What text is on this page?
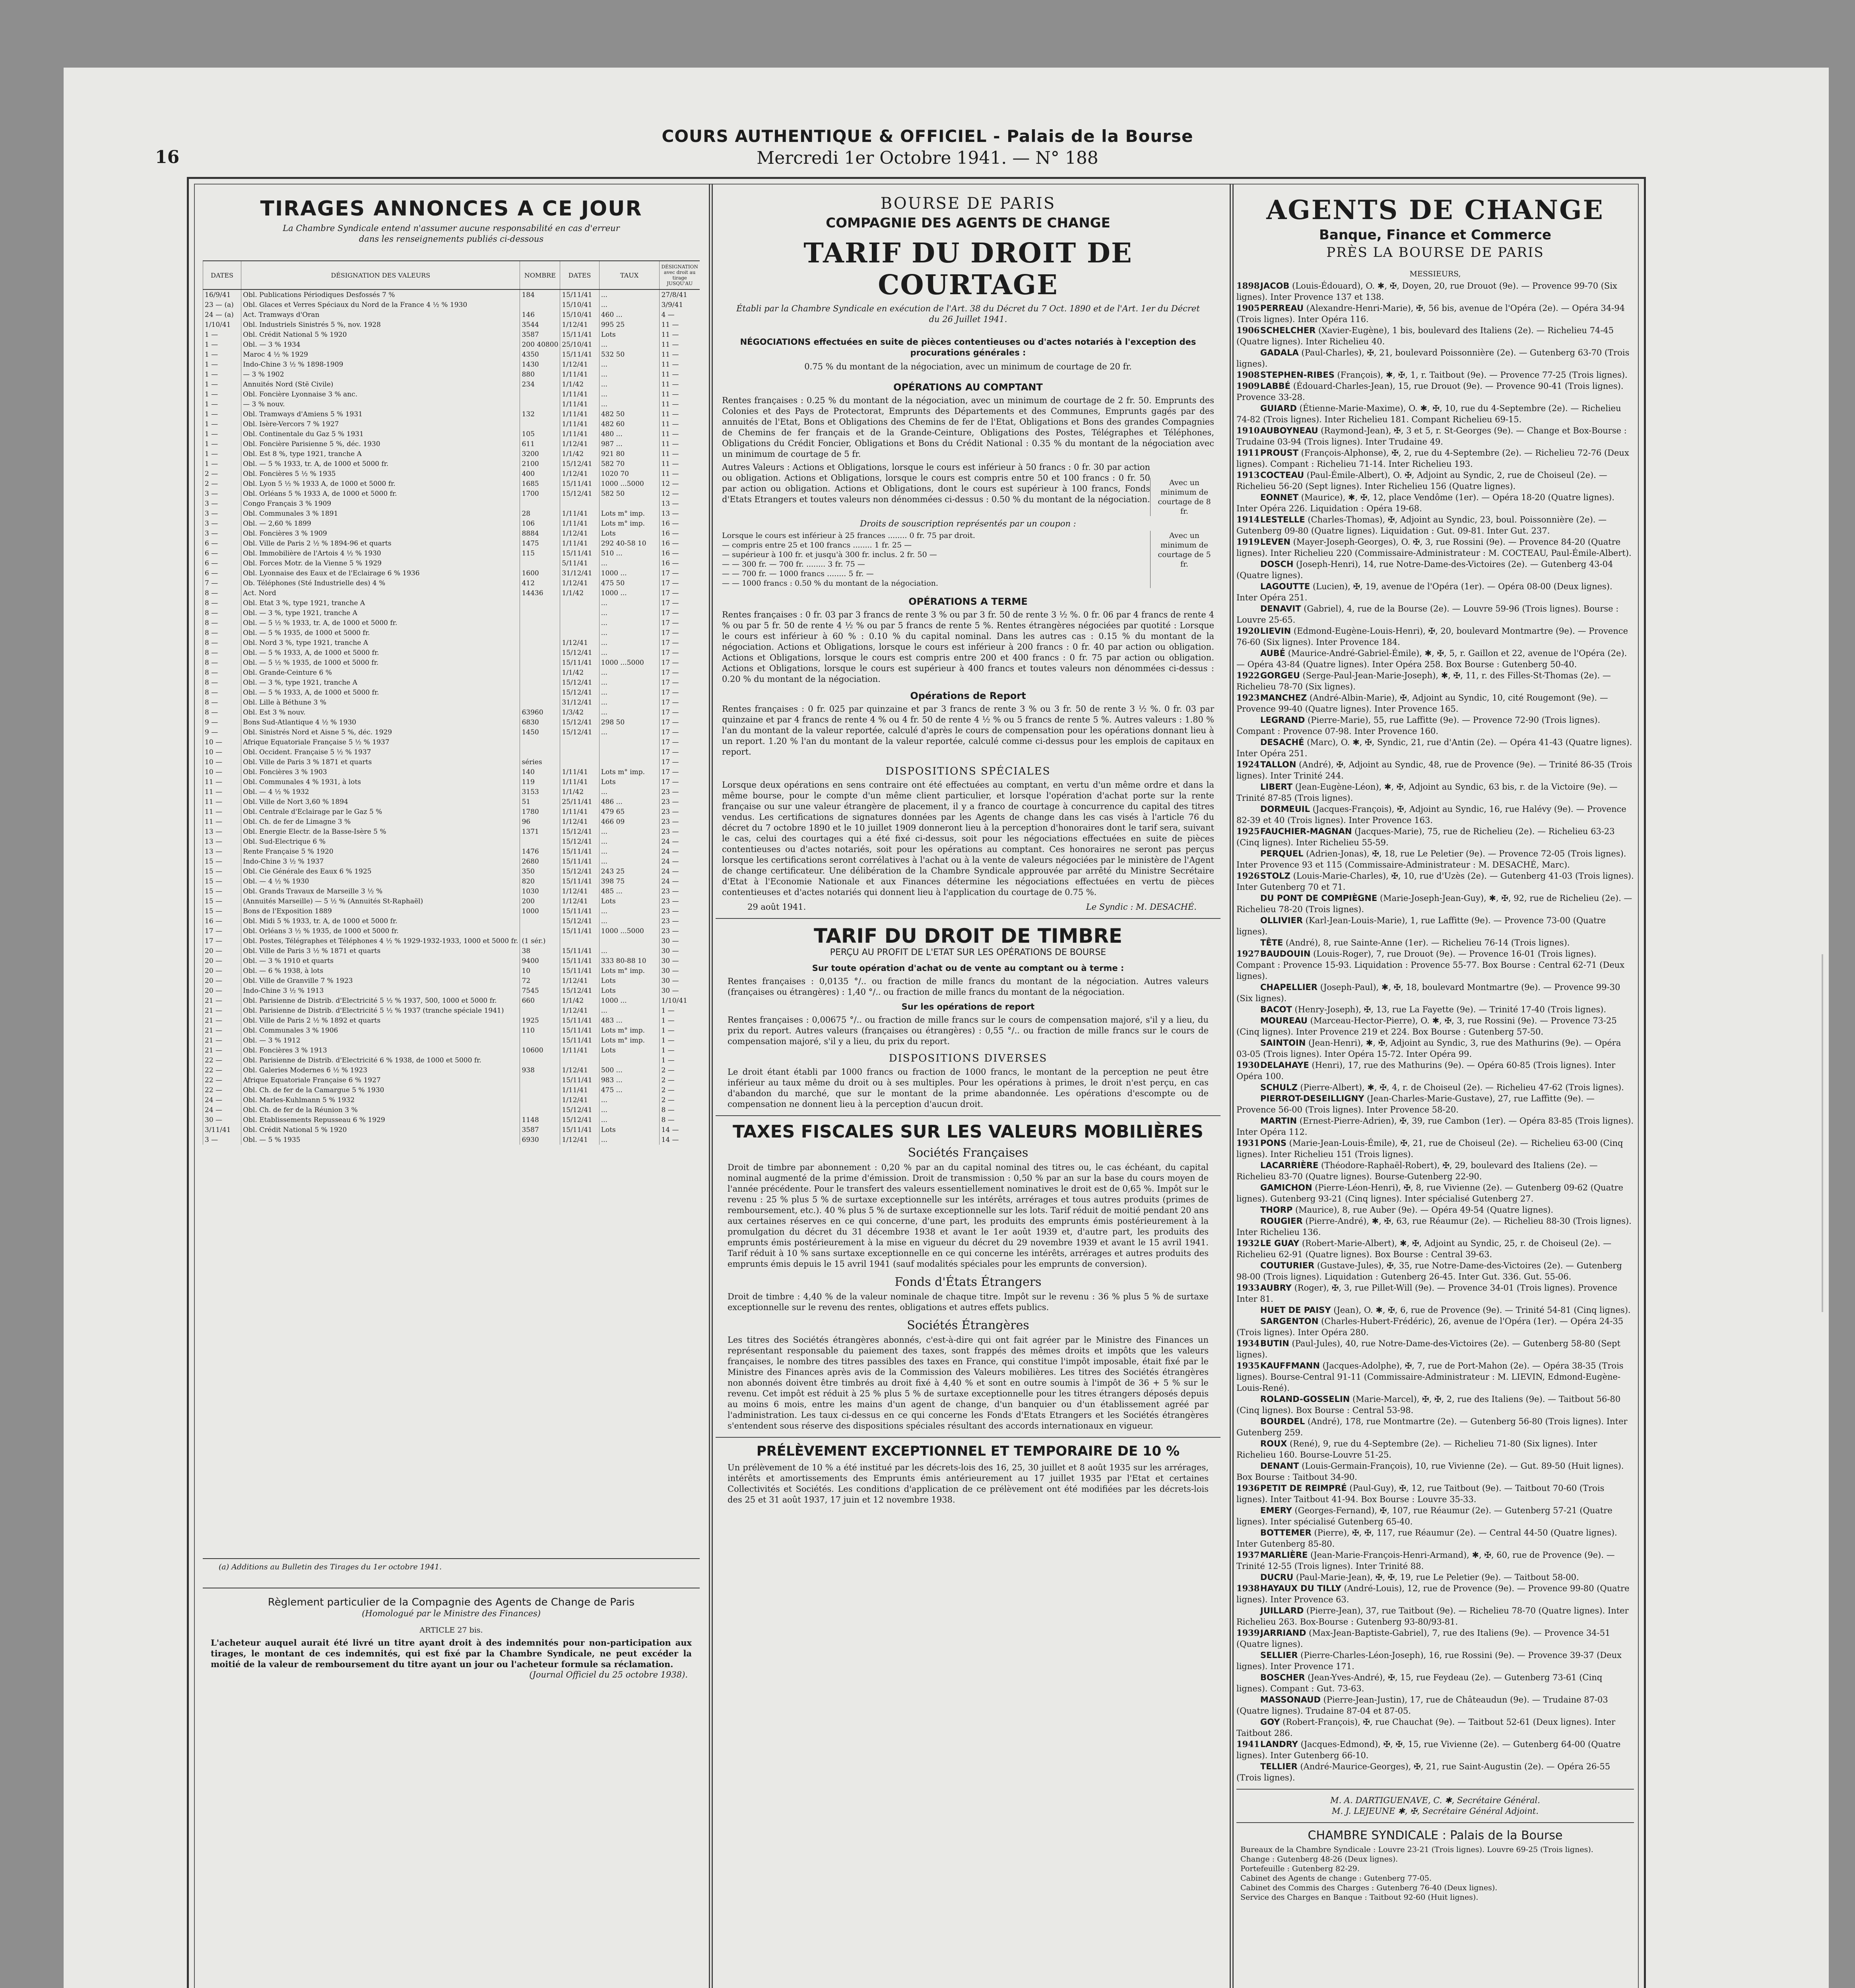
16
COURS AUTHENTIQUE & OFFICIEL - Palais de la Bourse
Mercredi 1er Octobre 1941. — N° 188
TIRAGES ANNONCES A CE JOUR
La Chambre Syndicale entend n'assumer aucune responsabilité en cas d'erreur
dans les renseignements publiés ci-dessous
DATES	DÉSIGNATION DES VALEURS	NOMBRE	DATES	TAUX	DÉSIGNATION avec droit au tirage JUSQU'AU
16/9/41	Obl. Publications Périodiques Desfossés 7 %	184	15/11/41	...	27/8/41
23 — (a)	Obl. Glaces et Verres Spéciaux du Nord de la France 4 ½ % 1930		15/10/41	...	3/9/41
24 — (a)	Act. Tramways d'Oran	146	15/10/41	460 ...	4 —
1/10/41	Obl. Industriels Sinistrés 5 %, nov. 1928	3544	1/12/41	995 25	11 —
1 —	Obl. Crédit National 5 % 1920	3587	15/11/41	Lots	11 —
1 —	Obl. — 3 % 1934	200 40800	25/10/41	...	11 —
1 —	Maroc 4 ½ % 1929	4350	15/11/41	532 50	11 —
1 —	Indo-Chine 3 ½ % 1898-1909	1430	1/12/41	...	11 —
1 —	— 3 % 1902	880	1/11/41	...	11 —
1 —	Annuités Nord (Stë Civile)	234	1/1/42	...	11 —
1 —	Obl. Foncière Lyonnaise 3 % anc.		1/11/41	...	11 —
1 —	— 3 % nouv.		1/11/41	...	11 —
1 —	Obl. Tramways d'Amiens 5 % 1931	132	1/11/41	482 50	11 —
1 —	Obl. Isère-Vercors 7 % 1927		1/11/41	482 60	11 —
1 —	Obl. Continentale du Gaz 5 % 1931	105	1/11/41	480 ...	11 —
1 —	Obl. Foncière Parisienne 5 %, déc. 1930	611	1/12/41	987 ...	11 —
1 —	Obl. Est 8 %, type 1921, tranche A	3200	1/1/42	921 80	11 —
1 —	Obl. — 5 % 1933, tr. A, de 1000 et 5000 fr.	2100	15/12/41	582 70	11 —
2 —	Obl. Foncières 5 ½ % 1935	400	1/12/41	1020 70	11 —
2 —	Obl. Lyon 5 ½ % 1933 A, de 1000 et 5000 fr.	1685	15/11/41	1000 ...5000	12 —
3 —	Obl. Orléans 5 % 1933 A, de 1000 et 5000 fr.	1700	15/12/41	582 50	12 —
3 —	Congo Français 3 % 1909				13 —
3 —	Obl. Communales 3 % 1891	28	1/11/41	Lots m° imp.	13 —
3 —	Obl. — 2,60 % 1899	106	1/11/41	Lots m° imp.	16 —
3 —	Obl. Foncières 3 % 1909	8884	1/12/41	Lots	16 —
6 —	Obl. Ville de Paris 2 ½ % 1894-96 et quarts	1475	1/11/41	292 40-58 10	16 —
6 —	Obl. Immobilière de l'Artois 4 ½ % 1930	115	15/11/41	510 ...	16 —
6 —	Obl. Forces Motr. de la Vienne 5 % 1929		5/11/41	...	16 —
6 —	Obl. Lyonnaise des Eaux et de l'Eclairage 6 % 1936	1600	31/12/41	1000 ...	17 —
7 —	Ob. Téléphones (Sté Industrielle des) 4 %	412	1/12/41	475 50	17 —
8 —	Act. Nord	14436	1/1/42	1000 ...	17 —
8 —	Obl. Etat 3 %, type 1921, tranche A			...	17 —
8 —	Obl. — 3 %, type 1921, tranche A			...	17 —
8 —	Obl. — 5 ½ % 1933, tr. A, de 1000 et 5000 fr.			...	17 —
8 —	Obl. — 5 % 1935, de 1000 et 5000 fr.			...	17 —
8 —	Obl. Nord 3 %, type 1921, tranche A		1/12/41	...	17 —
8 —	Obl. — 5 % 1933, A, de 1000 et 5000 fr.		15/12/41	...	17 —
8 —	Obl. — 5 ½ % 1935, de 1000 et 5000 fr.		15/11/41	1000 ...5000	17 —
8 —	Obl. Grande-Ceinture 6 %		1/1/42	...	17 —
8 —	Obl. — 3 %, type 1921, tranche A		15/12/41	...	17 —
8 —	Obl. — 5 % 1933, A, de 1000 et 5000 fr.		15/12/41	...	17 —
8 —	Obl. Lille à Béthune 3 %		31/12/41	...	17 —
8 —	Obl. Est 3 % nouv.	63960	1/3/42	...	17 —
9 —	Bons Sud-Atlantique 4 ½ % 1930	6830	15/12/41	298 50	17 —
9 —	Obl. Sinistrés Nord et Aisne 5 %, déc. 1929	1450	15/12/41	...	17 —
10 —	Afrique Equatoriale Française 5 ½ % 1937				17 —
10 —	Obl. Occident. Française 5 ½ % 1937				17 —
10 —	Obl. Ville de Paris 3 % 1871 et quarts	séries			17 —
10 —	Obl. Foncières 3 % 1903	140	1/11/41	Lots m° imp.	17 —
11 —	Obl. Communales 4 % 1931, à lots	119	1/11/41	Lots	17 —
11 —	Obl. — 4 ½ % 1932	3153	1/1/42	...	23 —
11 —	Obl. Ville de Nort 3,60 % 1894	51	25/11/41	486 ...	23 —
11 —	Obl. Centrale d'Eclairage par le Gaz 5 %	1780	1/11/41	479 65	23 —
11 —	Obl. Ch. de fer de Limagne 3 %	96	1/12/41	466 09	23 —
13 —	Obl. Energie Electr. de la Basse-Isère 5 %	1371	15/12/41	...	23 —
13 —	Obl. Sud-Electrique 6 %		15/12/41	...	24 —
13 —	Rente Française 5 % 1920	1476	15/11/41	...	24 —
15 —	Indo-Chine 3 ½ % 1937	2680	15/11/41	...	24 —
15 —	Obl. Cie Générale des Eaux 6 % 1925	350	15/12/41	243 25	24 —
15 —	Obl. — 4 ½ % 1930	820	15/11/41	398 75	24 —
15 —	Obl. Grands Travaux de Marseille 3 ½ %	1030	1/12/41	485 ...	23 —
15 —	(Annuités Marseille) — 5 ½ % (Annuités St-Raphaël)	200	1/12/41	Lots	23 —
15 —	Bons de l'Exposition 1889	1000	15/11/41	...	23 —
16 —	Obl. Midi 5 % 1933, tr. A, de 1000 et 5000 fr.		15/12/41	...	23 —
17 —	Obl. Orléans 3 ½ % 1935, de 1000 et 5000 fr.		15/11/41	1000 ...5000	23 —
17 —	Obl. Postes, Télégraphes et Téléphones 4 ½ % 1929-1932-1933, 1000 et 5000 fr.	(1 sér.)			30 —
20 —	Obl. Ville de Paris 3 ½ % 1871 et quarts	38	15/11/41	...	30 —
20 —	Obl. — 3 % 1910 et quarts	9400	15/11/41	333 80-88 10	30 —
20 —	Obl. — 6 % 1938, à lots	10	15/11/41	Lots m° imp.	30 —
20 —	Obl. Ville de Granville 7 % 1923	72	1/12/41	Lots	30 —
20 —	Indo-Chine 3 ½ % 1913	7545	15/12/41	Lots	30 —
21 —	Obl. Parisienne de Distrib. d'Electricité 5 ½ % 1937, 500, 1000 et 5000 fr.	660	1/1/42	1000 ...	1/10/41
21 —	Obl. Parisienne de Distrib. d'Electricité 5 ½ % 1937 (tranche spéciale 1941)		1/12/41	...	1 —
21 —	Obl. Ville de Paris 2 ½ % 1892 et quarts	1925	15/11/41	483 ...	1 —
21 —	Obl. Communales 3 % 1906	110	15/11/41	Lots m° imp.	1 —
21 —	Obl. — 3 % 1912		15/11/41	Lots m° imp.	1 —
21 —	Obl. Foncières 3 % 1913	10600	1/11/41	Lots	1 —
22 —	Obl. Parisienne de Distrib. d'Electricité 6 % 1938, de 1000 et 5000 fr.				1 —
22 —	Obl. Galeries Modernes 6 ½ % 1923	938	1/12/41	500 ...	2 —
22 —	Afrique Equatoriale Française 6 % 1927		15/11/41	983 ...	2 —
22 —	Obl. Ch. de fer de la Camargue 5 % 1930		1/11/41	475 ...	2 —
24 —	Obl. Marles-Kuhlmann 5 % 1932		1/12/41	...	2 —
24 —	Obl. Ch. de fer de la Réunion 3 %		15/12/41	...	8 —
30 —	Obl. Etablissements Repusseau 6 % 1929	1148	15/12/41	...	8 —
3/11/41	Obl. Crédit National 5 % 1920	3587	15/11/41	Lots	14 —
3 —	Obl. — 5 % 1935	6930	1/12/41	...	14 —
(a) Additions au Bulletin des Tirages du 1er octobre 1941.
Règlement particulier de la Compagnie des Agents de Change de Paris
(Homologué par le Ministre des Finances)
ARTICLE 27 bis.
L'acheteur auquel aurait été livré un titre ayant droit à des indemnités pour non-participation aux tirages, le montant de ces indemnités, qui est fixé par la Chambre Syndicale, ne peut excéder la moitié de la valeur de remboursement du titre ayant un jour ou l'acheteur formule sa réclamation.
(Journal Officiel du 25 octobre 1938).
BOURSE DE PARIS
COMPAGNIE DES AGENTS DE CHANGE
TARIF DU DROIT DE COURTAGE
Établi par la Chambre Syndicale en exécution de l'Art. 38 du Décret du 7 Oct. 1890 et de l'Art. 1er du Décret du 26 Juillet 1941.
NÉGOCIATIONS effectuées en suite de pièces contentieuses ou d'actes notariés à l'exception des procurations générales :
0.75 % du montant de la négociation, avec un minimum de courtage de 20 fr.
OPÉRATIONS AU COMPTANT
Rentes françaises : 0.25 % du montant de la négociation, avec un minimum de courtage de 2 fr. 50. Emprunts des Colonies et des Pays de Protectorat, Emprunts des Départements et des Communes, Emprunts gagés par des annuités de l'Etat, Bons et Obligations des Chemins de fer de l'Etat, Obligations et Bons des grandes Compagnies de Chemins de fer français et de la Grande-Ceinture, Obligations des Postes, Télégraphes et Téléphones, Obligations du Crédit Foncier, Obligations et Bons du Crédit National : 0.35 % du montant de la négociation avec un minimum de courtage de 5 fr.
Autres Valeurs : Actions et Obligations, lorsque le cours est inférieur à 50 francs : 0 fr. 30 par action ou obligation. Actions et Obligations, lorsque le cours est compris entre 50 et 100 francs : 0 fr. 50 par action ou obligation. Actions et Obligations, dont le cours est supérieur à 100 francs, Fonds d'Etats Etrangers et toutes valeurs non dénommées ci-dessus : 0.50 % du montant de la négociation.
Avec un minimum de courtage de 8 fr.
Droits de souscription représentés par un coupon :
Lorsque le cours est inférieur à 25 frances ........ 0 fr. 75 par droit.
— compris entre 25 et 100 francs ........ 1 fr. 25 —
— supérieur à 100 fr. et jusqu'à 300 fr. inclus. 2 fr. 50 —
— — 300 fr. — 700 fr. ........ 3 fr. 75 —
— — 700 fr. — 1000 francs ........ 5 fr. —
— — 1000 francs : 0.50 % du montant de la négociation.
Avec un minimum de courtage de 5 fr.
OPÉRATIONS A TERME
Rentes françaises : 0 fr. 03 par 3 francs de rente 3 % ou par 3 fr. 50 de rente 3 ½ %. 0 fr. 06 par 4 francs de rente 4 % ou par 5 fr. 50 de rente 4 ½ % ou par 5 francs de rente 5 %. Rentes étrangères négociées par quotité : Lorsque le cours est inférieur à 60 % : 0.10 % du capital nominal. Dans les autres cas : 0.15 % du montant de la négociation. Actions et Obligations, lorsque le cours est inférieur à 200 francs : 0 fr. 40 par action ou obligation. Actions et Obligations, lorsque le cours est compris entre 200 et 400 francs : 0 fr. 75 par action ou obligation. Actions et Obligations, lorsque le cours est supérieur à 400 francs et toutes valeurs non dénommées ci-dessus : 0.20 % du montant de la négociation.
Opérations de Report
Rentes françaises : 0 fr. 025 par quinzaine et par 3 francs de rente 3 % ou 3 fr. 50 de rente 3 ½ %. 0 fr. 03 par quinzaine et par 4 francs de rente 4 % ou 4 fr. 50 de rente 4 ½ % ou 5 francs de rente 5 %. Autres valeurs : 1.80 % l'an du montant de la valeur reportée, calculé d'après le cours de compensation pour les opérations donnant lieu à un report. 1.20 % l'an du montant de la valeur reportée, calculé comme ci-dessus pour les emplois de capitaux en report.
DISPOSITIONS SPÉCIALES
Lorsque deux opérations en sens contraire ont été effectuées au comptant, en vertu d'un même ordre et dans la même bourse, pour le compte d'un même client particulier, et lorsque l'opération d'achat porte sur la rente française ou sur une valeur étrangère de placement, il y a franco de courtage à concurrence du capital des titres vendus. Les certifications de signatures données par les Agents de change dans les cas visés à l'article 76 du décret du 7 octobre 1890 et le 10 juillet 1909 donneront lieu à la perception d'honoraires dont le tarif sera, suivant le cas, celui des courtages qui a été fixé ci-dessus, soit pour les négociations effectuées en suite de pièces contentieuses ou d'actes notariés, soit pour les opérations au comptant. Ces honoraires ne seront pas perçus lorsque les certifications seront corrélatives à l'achat ou à la vente de valeurs négociées par le ministère de l'Agent de change certificateur. Une délibération de la Chambre Syndicale approuvée par arrêté du Ministre Secrétaire d'Etat à l'Economie Nationale et aux Finances détermine les négociations effectuées en vertu de pièces contentieuses et d'actes notariés qui donnent lieu à l'application du courtage de 0.75 %.
29 août 1941.	Le Syndic : M. DESACHÉ.
TARIF DU DROIT DE TIMBRE
PERÇU AU PROFIT DE L'ETAT SUR LES OPÉRATIONS DE BOURSE
Sur toute opération d'achat ou de vente au comptant ou à terme :
Rentes françaises : 0,0135 °/.. ou fraction de mille francs du montant de la négociation. Autres valeurs (françaises ou étrangères) : 1,40 °/.. ou fraction de mille francs du montant de la négociation.
Sur les opérations de report
Rentes françaises : 0,00675 °/.. ou fraction de mille francs sur le cours de compensation majoré, s'il y a lieu, du prix du report. Autres valeurs (françaises ou étrangères) : 0,55 °/.. ou fraction de mille francs sur le cours de compensation majoré, s'il y a lieu, du prix du report.
DISPOSITIONS DIVERSES
Le droit étant établi par 1000 francs ou fraction de 1000 francs, le montant de la perception ne peut être inférieur au taux même du droit ou à ses multiples. Pour les opérations à primes, le droit n'est perçu, en cas d'abandon du marché, que sur le montant de la prime abandonnée. Les opérations d'escompte ou de compensation ne donnent lieu à la perception d'aucun droit.
TAXES FISCALES SUR LES VALEURS MOBILIÈRES
Sociétés Françaises
Droit de timbre par abonnement : 0,20 % par an du capital nominal des titres ou, le cas échéant, du capital nominal augmenté de la prime d'émission. Droit de transmission : 0,50 % par an sur la base du cours moyen de l'année précédente. Pour le transfert des valeurs essentiellement nominatives le droit est de 0,65 %. Impôt sur le revenu : 25 % plus 5 % de surtaxe exceptionnelle sur les intérêts, arrérages et tous autres produits (primes de remboursement, etc.). 40 % plus 5 % de surtaxe exceptionnelle sur les lots. Tarif réduit de moitié pendant 20 ans aux certaines réserves en ce qui concerne, d'une part, les produits des emprunts émis postérieurement à la promulgation du décret du 31 décembre 1938 et avant le 1er août 1939 et, d'autre part, les produits des emprunts émis postérieurement à la mise en vigueur du décret du 29 novembre 1939 et avant le 15 avril 1941. Tarif réduit à 10 % sans surtaxe exceptionnelle en ce qui concerne les intérêts, arrérages et autres produits des emprunts émis depuis le 15 avril 1941 (sauf modalités spéciales pour les emprunts de conversion).
Fonds d'États Étrangers
Droit de timbre : 4,40 % de la valeur nominale de chaque titre. Impôt sur le revenu : 36 % plus 5 % de surtaxe exceptionnelle sur le revenu des rentes, obligations et autres effets publics.
Sociétés Étrangères
Les titres des Sociétés étrangères abonnés, c'est-à-dire qui ont fait agréer par le Ministre des Finances un représentant responsable du paiement des taxes, sont frappés des mêmes droits et impôts que les valeurs françaises, le nombre des titres passibles des taxes en France, qui constitue l'impôt imposable, était fixé par le Ministre des Finances après avis de la Commission des Valeurs mobilières. Les titres des Sociétés étrangères non abonnés doivent être timbrés au droit fixé à 4,40 % et sont en outre soumis à l'impôt de 36 + 5 % sur le revenu. Cet impôt est réduit à 25 % plus 5 % de surtaxe exceptionnelle pour les titres étrangers déposés depuis au moins 6 mois, entre les mains d'un agent de change, d'un banquier ou d'un établissement agréé par l'administration. Les taux ci-dessus en ce qui concerne les Fonds d'Etats Etrangers et les Sociétés étrangères s'entendent sous réserve des dispositions spéciales résultant des accords internationaux en vigueur.
PRÉLÈVEMENT EXCEPTIONNEL ET TEMPORAIRE DE 10 %
Un prélèvement de 10 % a été institué par les décrets-lois des 16, 25, 30 juillet et 8 août 1935 sur les arrérages, intérêts et amortissements des Emprunts émis antérieurement au 17 juillet 1935 par l'Etat et certaines Collectivités et Sociétés. Les conditions d'application de ce prélèvement ont été modifiées par les décrets-lois des 25 et 31 août 1937, 17 juin et 12 novembre 1938.
AGENTS DE CHANGE
Banque, Finance et Commerce
PRÈS LA BOURSE DE PARIS
MESSIEURS,
1898JACOB (Louis-Édouard), O. ✱, ✠, Doyen, 20, rue Drouot (9e). — Provence 99-70 (Six lignes). Inter Provence 137 et 138.
1905PERREAU (Alexandre-Henri-Marie), ✠, 56 bis, avenue de l'Opéra (2e). — Opéra 34-94 (Trois lignes). Inter Opéra 116.
1906SCHELCHER (Xavier-Eugène), 1 bis, boulevard des Italiens (2e). — Richelieu 74-45 (Quatre lignes). Inter Richelieu 40.
GADALA (Paul-Charles), ✠, 21, boulevard Poissonnière (2e). — Gutenberg 63-70 (Trois lignes).
1908STEPHEN-RIBES (François), ✱, ✠, 1, r. Taitbout (9e). — Provence 77-25 (Trois lignes).
1909LABBÉ (Édouard-Charles-Jean), 15, rue Drouot (9e). — Provence 90-41 (Trois lignes). Provence 33-28.
GUIARD (Étienne-Marie-Maxime), O. ✱, ✠, 10, rue du 4-Septembre (2e). — Richelieu 74-82 (Trois lignes). Inter Richelieu 181. Compant Richelieu 69-15.
1910AUBOYNEAU (Raymond-Jean), ✠, 3 et 5, r. St-Georges (9e). — Change et Box-Bourse : Trudaine 03-94 (Trois lignes). Inter Trudaine 49.
1911PROUST (François-Alphonse), ✠, 2, rue du 4-Septembre (2e). — Richelieu 72-76 (Deux lignes). Compant : Richelieu 71-14. Inter Richelieu 193.
1913COCTEAU (Paul-Émile-Albert), O. ✠, Adjoint au Syndic, 2, rue de Choiseul (2e). — Richelieu 56-20 (Sept lignes). Inter Richelieu 156 (Quatre lignes).
EONNET (Maurice), ✱, ✠, 12, place Vendôme (1er). — Opéra 18-20 (Quatre lignes). Inter Opéra 226. Liquidation : Opéra 19-68.
1914LESTELLE (Charles-Thomas), ✠, Adjoint au Syndic, 23, boul. Poissonnière (2e). — Gutenberg 09-80 (Quatre lignes). Liquidation : Gut. 09-81. Inter Gut. 237.
1919LEVEN (Mayer-Joseph-Georges), O. ✠, 3, rue Rossini (9e). — Provence 84-20 (Quatre lignes). Inter Richelieu 220 (Commissaire-Administrateur : M. COCTEAU, Paul-Émile-Albert).
DOSCH (Joseph-Henri), 14, rue Notre-Dame-des-Victoires (2e). — Gutenberg 43-04 (Quatre lignes).
LAGOUTTE (Lucien), ✠, 19, avenue de l'Opéra (1er). — Opéra 08-00 (Deux lignes). Inter Opéra 251.
DENAVIT (Gabriel), 4, rue de la Bourse (2e). — Louvre 59-96 (Trois lignes). Bourse : Louvre 25-65.
1920LIEVIN (Edmond-Eugène-Louis-Henri), ✠, 20, boulevard Montmartre (9e). — Provence 76-60 (Six lignes). Inter Provence 184.
AUBÉ (Maurice-André-Gabriel-Émile), ✱, ✠, 5, r. Gaillon et 22, avenue de l'Opéra (2e). — Opéra 43-84 (Quatre lignes). Inter Opéra 258. Box Bourse : Gutenberg 50-40.
1922GORGEU (Serge-Paul-Jean-Marie-Joseph), ✱, ✠, 11, r. des Filles-St-Thomas (2e). — Richelieu 78-70 (Six lignes).
1923MANCHEZ (André-Albin-Marie), ✠, Adjoint au Syndic, 10, cité Rougemont (9e). — Provence 99-40 (Quatre lignes). Inter Provence 165.
LEGRAND (Pierre-Marie), 55, rue Laffitte (9e). — Provence 72-90 (Trois lignes). Compant : Provence 07-98. Inter Provence 160.
DESACHÉ (Marc), O. ✱, ✠, Syndic, 21, rue d'Antin (2e). — Opéra 41-43 (Quatre lignes). Inter Opéra 251.
1924TALLON (André), ✠, Adjoint au Syndic, 48, rue de Provence (9e). — Trinité 86-35 (Trois lignes). Inter Trinité 244.
LIBERT (Jean-Eugène-Léon), ✱, ✠, Adjoint au Syndic, 63 bis, r. de la Victoire (9e). — Trinité 87-85 (Trois lignes).
DORMEUIL (Jacques-François), ✠, Adjoint au Syndic, 16, rue Halévy (9e). — Provence 82-39 et 40 (Trois lignes). Inter Provence 163.
1925FAUCHIER-MAGNAN (Jacques-Marie), 75, rue de Richelieu (2e). — Richelieu 63-23 (Cinq lignes). Inter Richelieu 55-59.
PERQUEL (Adrien-Jonas), ✠, 18, rue Le Peletier (9e). — Provence 72-05 (Trois lignes). Inter Provence 93 et 115 (Commissaire-Administrateur : M. DESACHÉ, Marc).
1926STOLZ (Louis-Marie-Charles), ✠, 10, rue d'Uzès (2e). — Gutenberg 41-03 (Trois lignes). Inter Gutenberg 70 et 71.
DU PONT DE COMPIÈGNE (Marie-Joseph-Jean-Guy), ✱, ✠, 92, rue de Richelieu (2e). — Richelieu 78-20 (Trois lignes).
OLLIVIER (Karl-Jean-Louis-Marie), 1, rue Laffitte (9e). — Provence 73-00 (Quatre lignes).
TÊTE (André), 8, rue Sainte-Anne (1er). — Richelieu 76-14 (Trois lignes).
1927BAUDOUIN (Louis-Roger), 7, rue Drouot (9e). — Provence 16-01 (Trois lignes). Compant : Provence 15-93. Liquidation : Provence 55-77. Box Bourse : Central 62-71 (Deux lignes).
CHAPELLIER (Joseph-Paul), ✱, ✠, 18, boulevard Montmartre (9e). — Provence 99-30 (Six lignes).
BACOT (Henry-Joseph), ✠, 13, rue La Fayette (9e). — Trinité 17-40 (Trois lignes).
MOUREAU (Marceau-Hector-Pierre), O. ✱, ✠, 3, rue Rossini (9e). — Provence 73-25 (Cinq lignes). Inter Provence 219 et 224. Box Bourse : Gutenberg 57-50.
SAINTOIN (Jean-Henri), ✱, ✠, Adjoint au Syndic, 3, rue des Mathurins (9e). — Opéra 03-05 (Trois lignes). Inter Opéra 15-72. Inter Opéra 99.
1930DELAHAYE (Henri), 17, rue des Mathurins (9e). — Opéra 60-85 (Trois lignes). Inter Opéra 100.
SCHULZ (Pierre-Albert), ✱, ✠, 4, r. de Choiseul (2e). — Richelieu 47-62 (Trois lignes).
PIERROT-DESEILLIGNY (Jean-Charles-Marie-Gustave), 27, rue Laffitte (9e). — Provence 56-00 (Trois lignes). Inter Provence 58-20.
MARTIN (Ernest-Pierre-Adrien), ✠, 39, rue Cambon (1er). — Opéra 83-85 (Trois lignes). Inter Opéra 112.
1931PONS (Marie-Jean-Louis-Émile), ✠, 21, rue de Choiseul (2e). — Richelieu 63-00 (Cinq lignes). Inter Richelieu 151 (Trois lignes).
LACARRIÈRE (Théodore-Raphaël-Robert), ✠, 29, boulevard des Italiens (2e). — Richelieu 83-70 (Quatre lignes). Bourse-Gutenberg 22-90.
GAMICHON (Pierre-Léon-Henri), ✠, 8, rue Vivienne (2e). — Gutenberg 09-62 (Quatre lignes). Gutenberg 93-21 (Cinq lignes). Inter spécialisé Gutenberg 27.
THORP (Maurice), 8, rue Auber (9e). — Opéra 49-54 (Quatre lignes).
ROUGIER (Pierre-André), ✱, ✠, 63, rue Réaumur (2e). — Richelieu 88-30 (Trois lignes). Inter Richelieu 136.
1932LE GUAY (Robert-Marie-Albert), ✱, ✠, Adjoint au Syndic, 25, r. de Choiseul (2e). — Richelieu 62-91 (Quatre lignes). Box Bourse : Central 39-63.
COUTURIER (Gustave-Jules), ✠, 35, rue Notre-Dame-des-Victoires (2e). — Gutenberg 98-00 (Trois lignes). Liquidation : Gutenberg 26-45. Inter Gut. 336. Gut. 55-06.
1933AUBRY (Roger), ✠, 3, rue Pillet-Will (9e). — Provence 34-01 (Trois lignes). Provence Inter 81.
HUET DE PAISY (Jean), O. ✱, ✠, 6, rue de Provence (9e). — Trinité 54-81 (Cinq lignes).
SARGENTON (Charles-Hubert-Frédéric), 26, avenue de l'Opéra (1er). — Opéra 24-35 (Trois lignes). Inter Opéra 280.
1934BUTIN (Paul-Jules), 40, rue Notre-Dame-des-Victoires (2e). — Gutenberg 58-80 (Sept lignes).
1935KAUFFMANN (Jacques-Adolphe), ✠, 7, rue de Port-Mahon (2e). — Opéra 38-35 (Trois lignes). Bourse-Central 91-11 (Commissaire-Administrateur : M. LIEVIN, Edmond-Eugène-Louis-René).
ROLAND-GOSSELIN (Marie-Marcel), ✠, ✠, 2, rue des Italiens (9e). — Taitbout 56-80 (Cinq lignes). Box Bourse : Central 53-98.
BOURDEL (André), 178, rue Montmartre (2e). — Gutenberg 56-80 (Trois lignes). Inter Gutenberg 259.
ROUX (René), 9, rue du 4-Septembre (2e). — Richelieu 71-80 (Six lignes). Inter Richelieu 160. Bourse-Louvre 51-25.
DENANT (Louis-Germain-François), 10, rue Vivienne (2e). — Gut. 89-50 (Huit lignes). Box Bourse : Taitbout 34-90.
1936PETIT DE REIMPRÉ (Paul-Guy), ✠, 12, rue Taitbout (9e). — Taitbout 70-60 (Trois lignes). Inter Taitbout 41-94. Box Bourse : Louvre 35-33.
EMERY (Georges-Fernand), ✠, 107, rue Réaumur (2e). — Gutenberg 57-21 (Quatre lignes). Inter spécialisé Gutenberg 65-40.
BOTTEMER (Pierre), ✠, ✠, 117, rue Réaumur (2e). — Central 44-50 (Quatre lignes). Inter Gutenberg 85-80.
1937MARLIÈRE (Jean-Marie-François-Henri-Armand), ✱, ✠, 60, rue de Provence (9e). — Trinité 12-55 (Trois lignes). Inter Trinité 88.
DUCRU (Paul-Marie-Jean), ✠, ✠, 19, rue Le Peletier (9e). — Taitbout 58-00.
1938HAYAUX DU TILLY (André-Louis), 12, rue de Provence (9e). — Provence 99-80 (Quatre lignes). Inter Provence 63.
JUILLARD (Pierre-Jean), 37, rue Taitbout (9e). — Richelieu 78-70 (Quatre lignes). Inter Richelieu 263. Box-Bourse : Gutenberg 93-80/93-81.
1939JARRIAND (Max-Jean-Baptiste-Gabriel), 7, rue des Italiens (9e). — Provence 34-51 (Quatre lignes).
SELLIER (Pierre-Charles-Léon-Joseph), 16, rue Rossini (9e). — Provence 39-37 (Deux lignes). Inter Provence 171.
BOSCHER (Jean-Yves-André), ✠, 15, rue Feydeau (2e). — Gutenberg 73-61 (Cinq lignes). Compant : Gut. 73-63.
MASSONAUD (Pierre-Jean-Justin), 17, rue de Châteaudun (9e). — Trudaine 87-03 (Quatre lignes). Trudaine 87-04 et 87-05.
GOY (Robert-François), ✠, rue Chauchat (9e). — Taitbout 52-61 (Deux lignes). Inter Taitbout 286.
1941LANDRY (Jacques-Edmond), ✠, ✠, 15, rue Vivienne (2e). — Gutenberg 64-00 (Quatre lignes). Inter Gutenberg 66-10.
TELLIER (André-Maurice-Georges), ✠, 21, rue Saint-Augustin (2e). — Opéra 26-55 (Trois lignes).
M. A. DARTIGUENAVE, C. ✱, Secrétaire Général.
M. J. LEJEUNE ✱, ✠, Secrétaire Général Adjoint.
CHAMBRE SYNDICALE : Palais de la Bourse
Bureaux de la Chambre Syndicale : Louvre 23-21 (Trois lignes). Louvre 69-25 (Trois lignes).
Change : Gutenberg 48-26 (Deux lignes).
Portefeuille : Gutenberg 82-29.
Cabinet des Agents de change : Gutenberg 77-05.
Cabinet des Commis des Charges : Gutenberg 76-40 (Deux lignes).
Service des Charges en Banque : Taitbout 92-60 (Huit lignes).
